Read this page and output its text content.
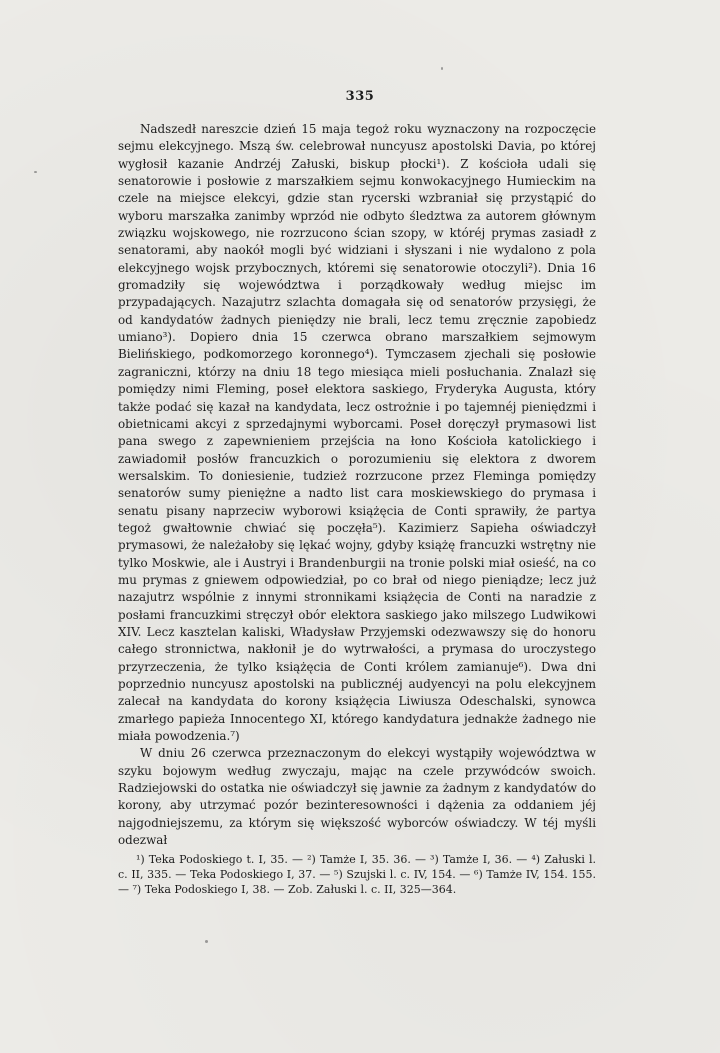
335

Nadszedł nareszcie dzień 15 maja tegoż roku wyznaczony na rozpoczęcie sejmu elekcyjnego. Mszą św. celebrował nuncyusz apostolski Davia, po której wygłosił kazanie Andrzéj Załuski, biskup płocki¹). Z kościoła udali się senatorowie i posłowie z marszałkiem sejmu konwokacyjnego Humieckim na czele na miejsce elekcyi, gdzie stan rycerski wzbraniał się przystąpić do wyboru marszałka zanimby wprzód nie odbyto śledztwa za autorem głównym związku wojskowego, nie rozrzucono ścian szopy, w któréj prymas zasiadł z senatorami, aby naokół mogli być widziani i słyszani i nie wydalono z pola elekcyjnego wojsk przybocznych, któremi się senatorowie otoczyli²). Dnia 16 gromadziły się województwa i porządkowały według miejsc im przypadających. Nazajutrz szlachta domagała się od senatorów przysięgi, że od kandydatów żadnych pieniędzy nie brali, lecz temu zręcznie zapobiedz umiano³). Dopiero dnia 15 czerwca obrano marszałkiem sejmowym Bielińskiego, podkomorzego koronnego⁴). Tymczasem zjechali się posłowie zagraniczni, którzy na dniu 18 tego miesiąca mieli posłuchania. Znalazł się pomiędzy nimi Fleming, poseł elektora saskiego, Fryderyka Augusta, który także podać się kazał na kandydata, lecz ostrożnie i po tajemnéj pieniędzmi i obietnicami akcyi z sprzedajnymi wyborcami. Poseł doręczył prymasowi list pana swego z zapewnieniem przejścia na łono Kościoła katolickiego i zawiadomił posłów francuzkich o porozumieniu się elektora z dworem wersalskim. To doniesienie, tudzież rozrzucone przez Fleminga pomiędzy senatorów sumy pieniężne a nadto list cara moskiewskiego do prymasa i senatu pisany naprzeciw wyborowi książęcia de Conti sprawiły, że partya tegoż gwałtownie chwiać się poczęła⁵). Kazimierz Sapieha oświadczył prymasowi, że należałoby się lękać wojny, gdyby książę francuzki wstrętny nie tylko Moskwie, ale i Austryi i Brandenburgii na tronie polski miał osieść, na co mu prymas z gniewem odpowiedział, po co brał od niego pieniądze; lecz już nazajutrz wspólnie z innymi stronnikami książęcia de Conti na naradzie z posłami francuzkimi stręczył obór elektora saskiego jako milszego Ludwikowi XIV. Lecz kasztelan kaliski, Władysław Przyjemski odezwawszy się do honoru całego stronnictwa, nakłonił je do wytrwałości, a prymasa do uroczystego przyrzeczenia, że tylko książęcia de Conti królem zamianuje⁶). Dwa dni poprzednio nuncyusz apostolski na publicznéj audyencyi na polu elekcyjnem zalecał na kandydata do korony książęcia Liwiusza Odeschalski, synowca zmarłego papieża Innocentego XI, którego kandydatura jednakże żadnego nie miała powodzenia.⁷)

W dniu 26 czerwca przeznaczonym do elekcyi wystąpiły województwa w szyku bojowym według zwyczaju, mając na czele przywódców swoich. Radziejowski do ostatka nie oświadczył się jawnie za żadnym z kandydatów do korony, aby utrzymać pozór bezinteresowności i dążenia za oddaniem jéj najgodniejszemu, za którym się większość wyborców oświadczy. W téj myśli odezwał

¹) Teka Podoskiego t. I, 35. — ²) Tamże I, 35. 36. — ³) Tamże I, 36. — ⁴) Załuski l. c. II, 335. — Teka Podoskiego I, 37. — ⁵) Szujski l. c. IV, 154. — ⁶) Tamże IV, 154. 155. — ⁷) Teka Podoskiego I, 38. — Zob. Załuski l. c. II, 325—364.
